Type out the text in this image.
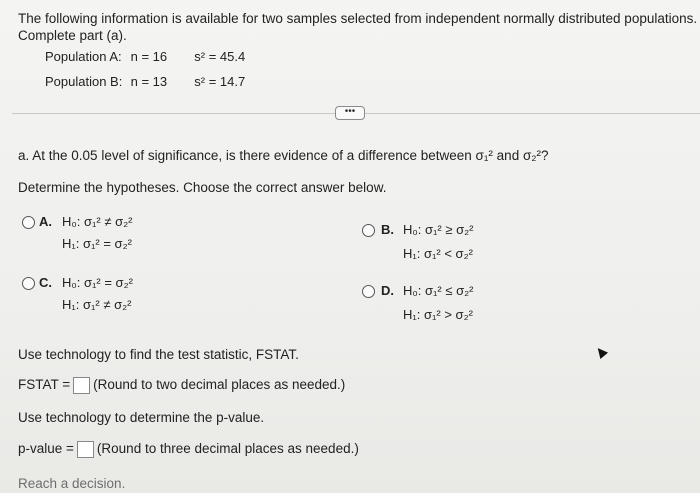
The following information is available for two samples selected from independent normally distributed populations.
Complete part (a).
Population A: n = 16 s² = 45.4
Population B: n = 13 s² = 14.7
•••
a. At the 0.05 level of significance, is there evidence of a difference between σ₁² and σ₂²?
Determine the hypotheses. Choose the correct answer below.
A. H₀: σ₁² ≠ σ₂²
H₁: σ₁² = σ₂²
B. H₀: σ₁² ≥ σ₂²
H₁: σ₁² < σ₂²
C. H₀: σ₁² = σ₂²
H₁: σ₁² ≠ σ₂²
D. H₀: σ₁² ≤ σ₂²
H₁: σ₁² > σ₂²
Use technology to find the test statistic, FSTAT.
FSTAT = (Round to two decimal places as needed.)
Use technology to determine the p-value.
p-value = (Round to three decimal places as needed.)
Reach a decision.
